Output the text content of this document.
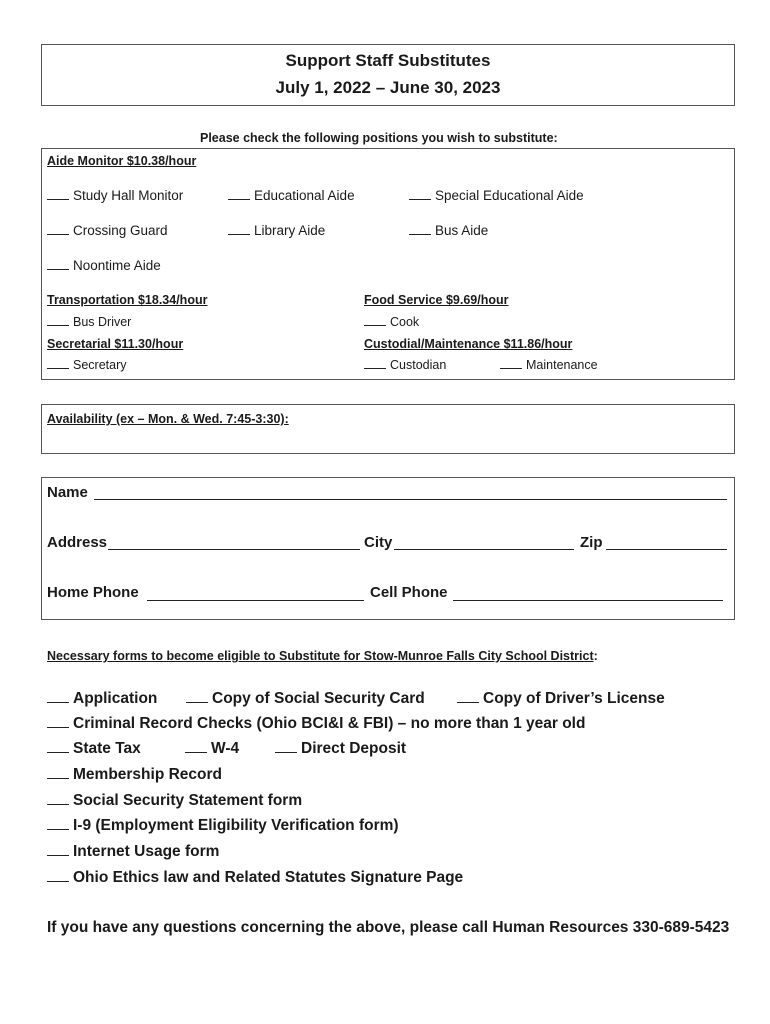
Support Staff Substitutes
July 1, 2022 – June 30, 2023
Please check the following positions you wish to substitute:
Aide Monitor $10.38/hour
Study Hall Monitor	Educational Aide	Special Educational Aide
Crossing Guard	Library Aide	Bus Aide
Noontime Aide
Transportation $18.34/hour	Food Service $9.69/hour
Bus Driver	Cook
Secretarial $11.30/hour	Custodial/Maintenance $11.86/hour
Secretary	Custodian	Maintenance
Availability (ex – Mon. & Wed. 7:45-3:30):
Name
Address	City	Zip
Home Phone	Cell Phone
Necessary forms to become eligible to Substitute for Stow-Munroe Falls City School District:
Application	Copy of Social Security Card	Copy of Driver’s License
Criminal Record Checks (Ohio BCI&I & FBI) – no more than 1 year old
State Tax	W-4	Direct Deposit
Membership Record
Social Security Statement form
I-9 (Employment Eligibility Verification form)
Internet Usage form
Ohio Ethics law and Related Statutes Signature Page
If you have any questions concerning the above, please call Human Resources 330-689-5423
